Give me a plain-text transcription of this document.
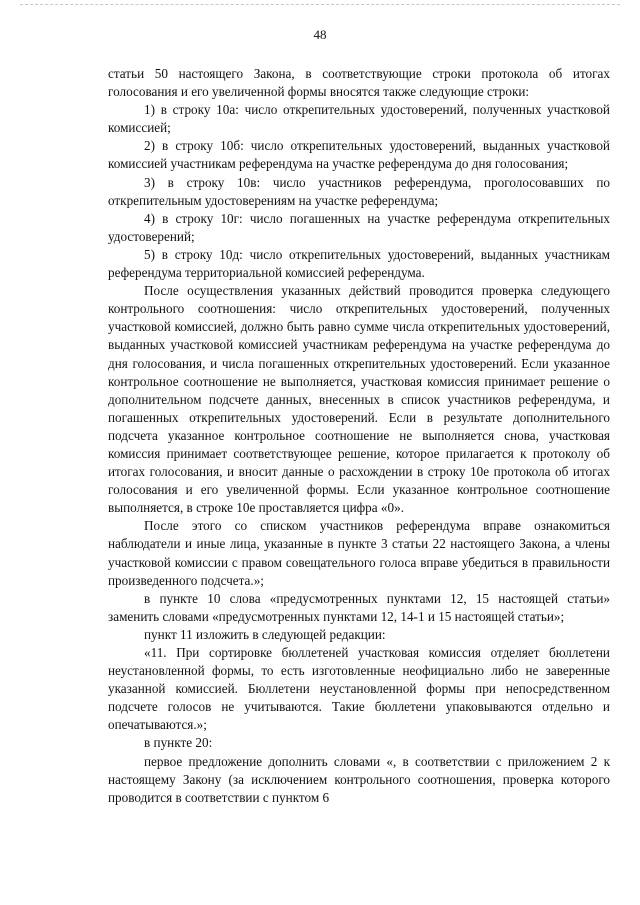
48

статьи 50 настоящего Закона, в соответствующие строки протокола об итогах голосования и его увеличенной формы вносятся также следующие строки:

1) в строку 10а: число открепительных удостоверений, полученных участковой комиссией;

2) в строку 10б: число открепительных удостоверений, выданных участковой комиссией участникам референдума на участке референдума до дня голосования;

3) в строку 10в: число участников референдума, проголосовавших по открепительным удостоверениям на участке референдума;

4) в строку 10г: число погашенных на участке референдума открепительных удостоверений;

5) в строку 10д: число открепительных удостоверений, выданных участникам референдума территориальной комиссией референдума.

После осуществления указанных действий проводится проверка следующего контрольного соотношения: число открепительных удостоверений, полученных участковой комиссией, должно быть равно сумме числа открепительных удостоверений, выданных участковой комиссией участникам референдума на участке референдума до дня голосования, и числа погашенных открепительных удостоверений. Если указанное контрольное соотношение не выполняется, участковая комиссия принимает решение о дополнительном подсчете данных, внесенных в список участников референдума, и погашенных открепительных удостоверений. Если в результате дополнительного подсчета указанное контрольное соотношение не выполняется снова, участковая комиссия принимает соответствующее решение, которое прилагается к протоколу об итогах голосования, и вносит данные о расхождении в строку 10е протокола об итогах голосования и его увеличенной формы. Если указанное контрольное соотношение выполняется, в строке 10е проставляется цифра «0».

После этого со списком участников референдума вправе ознакомиться наблюдатели и иные лица, указанные в пункте 3 статьи 22 настоящего Закона, а члены участковой комиссии с правом совещательного голоса вправе убедиться в правильности произведенного подсчета.»;

в пункте 10 слова «предусмотренных пунктами 12, 15 настоящей статьи» заменить словами «предусмотренных пунктами 12, 14-1 и 15 настоящей статьи»;

пункт 11 изложить в следующей редакции:

«11. При сортировке бюллетеней участковая комиссия отделяет бюллетени неустановленной формы, то есть изготовленные неофициально либо не заверенные указанной комиссией. Бюллетени неустановленной формы при непосредственном подсчете голосов не учитываются. Такие бюллетени упаковываются отдельно и опечатываются.»;

в пункте 20:

первое предложение дополнить словами «, в соответствии с приложением 2 к настоящему Закону (за исключением контрольного соотношения, проверка которого проводится в соответствии с пунктом 6
